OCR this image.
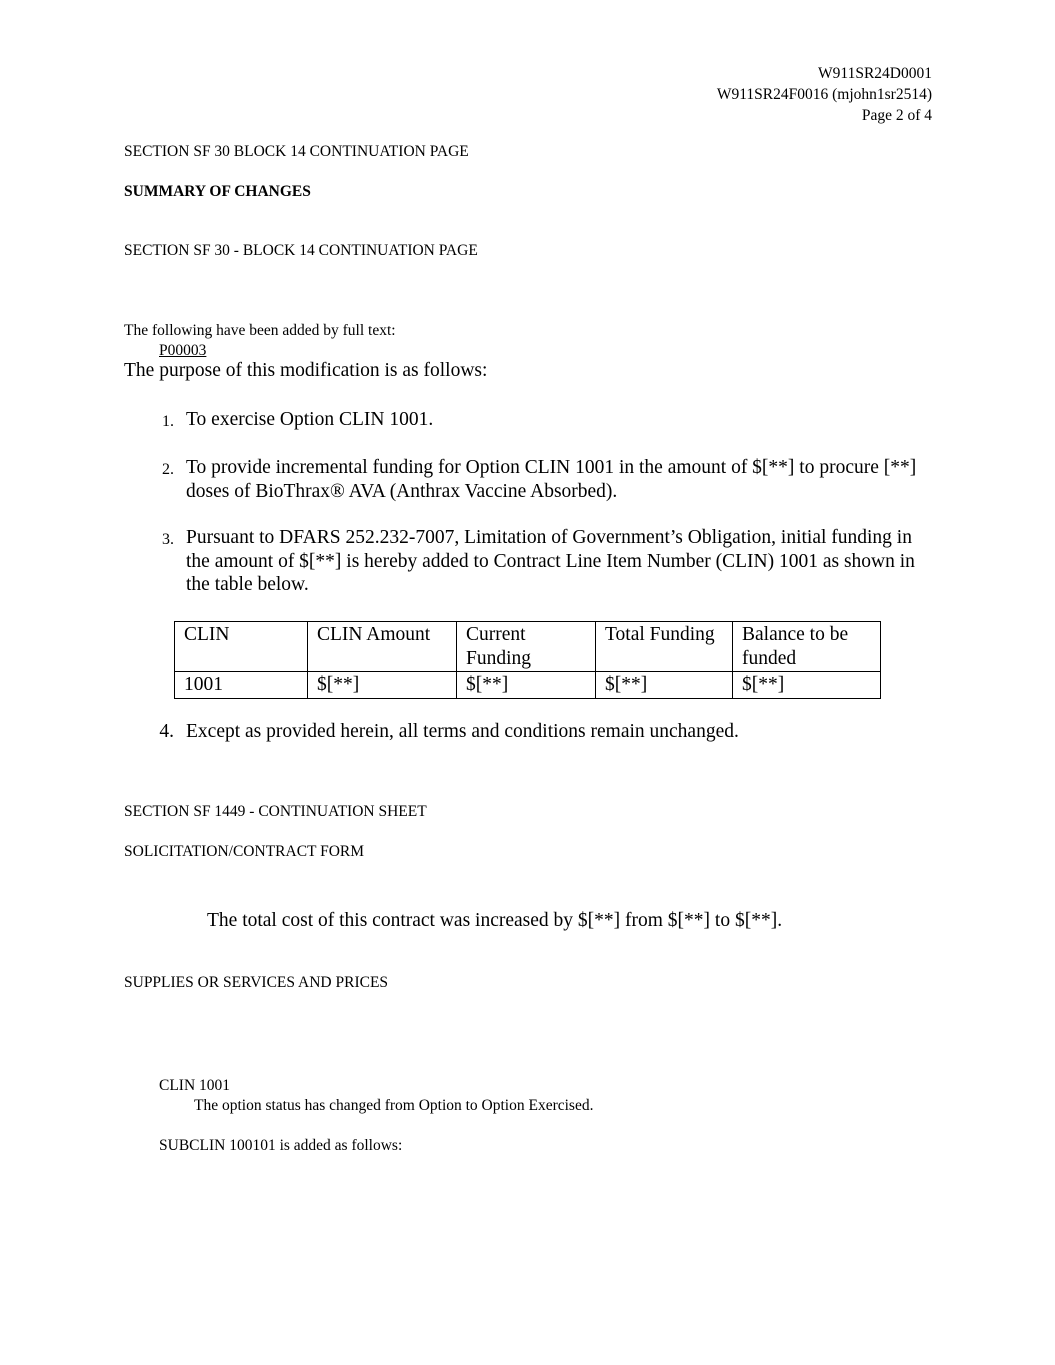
W911SR24D0001
W911SR24F0016 (mjohn1sr2514)
Page 2 of 4
SECTION SF 30 BLOCK 14 CONTINUATION PAGE
SUMMARY OF CHANGES
SECTION SF 30 - BLOCK 14 CONTINUATION PAGE
The following have been added by full text:
P00003
The purpose of this modification is as follows:
1. To exercise Option CLIN 1001.
2. To provide incremental funding for Option CLIN 1001 in the amount of $[**] to procure [**] doses of BioThrax® AVA (Anthrax Vaccine Absorbed).
3. Pursuant to DFARS 252.232-7007, Limitation of Government’s Obligation, initial funding in the amount of $[**] is hereby added to Contract Line Item Number (CLIN) 1001 as shown in the table below.
CLIN	CLIN Amount	Current Funding	Total Funding	Balance to be funded
1001	$[**]	$[**]	$[**]	$[**]
4. Except as provided herein, all terms and conditions remain unchanged.
SECTION SF 1449 - CONTINUATION SHEET
SOLICITATION/CONTRACT FORM
The total cost of this contract was increased by $[**] from $[**] to $[**].
SUPPLIES OR SERVICES AND PRICES
CLIN 1001
The option status has changed from Option to Option Exercised.
SUBCLIN 100101 is added as follows:
